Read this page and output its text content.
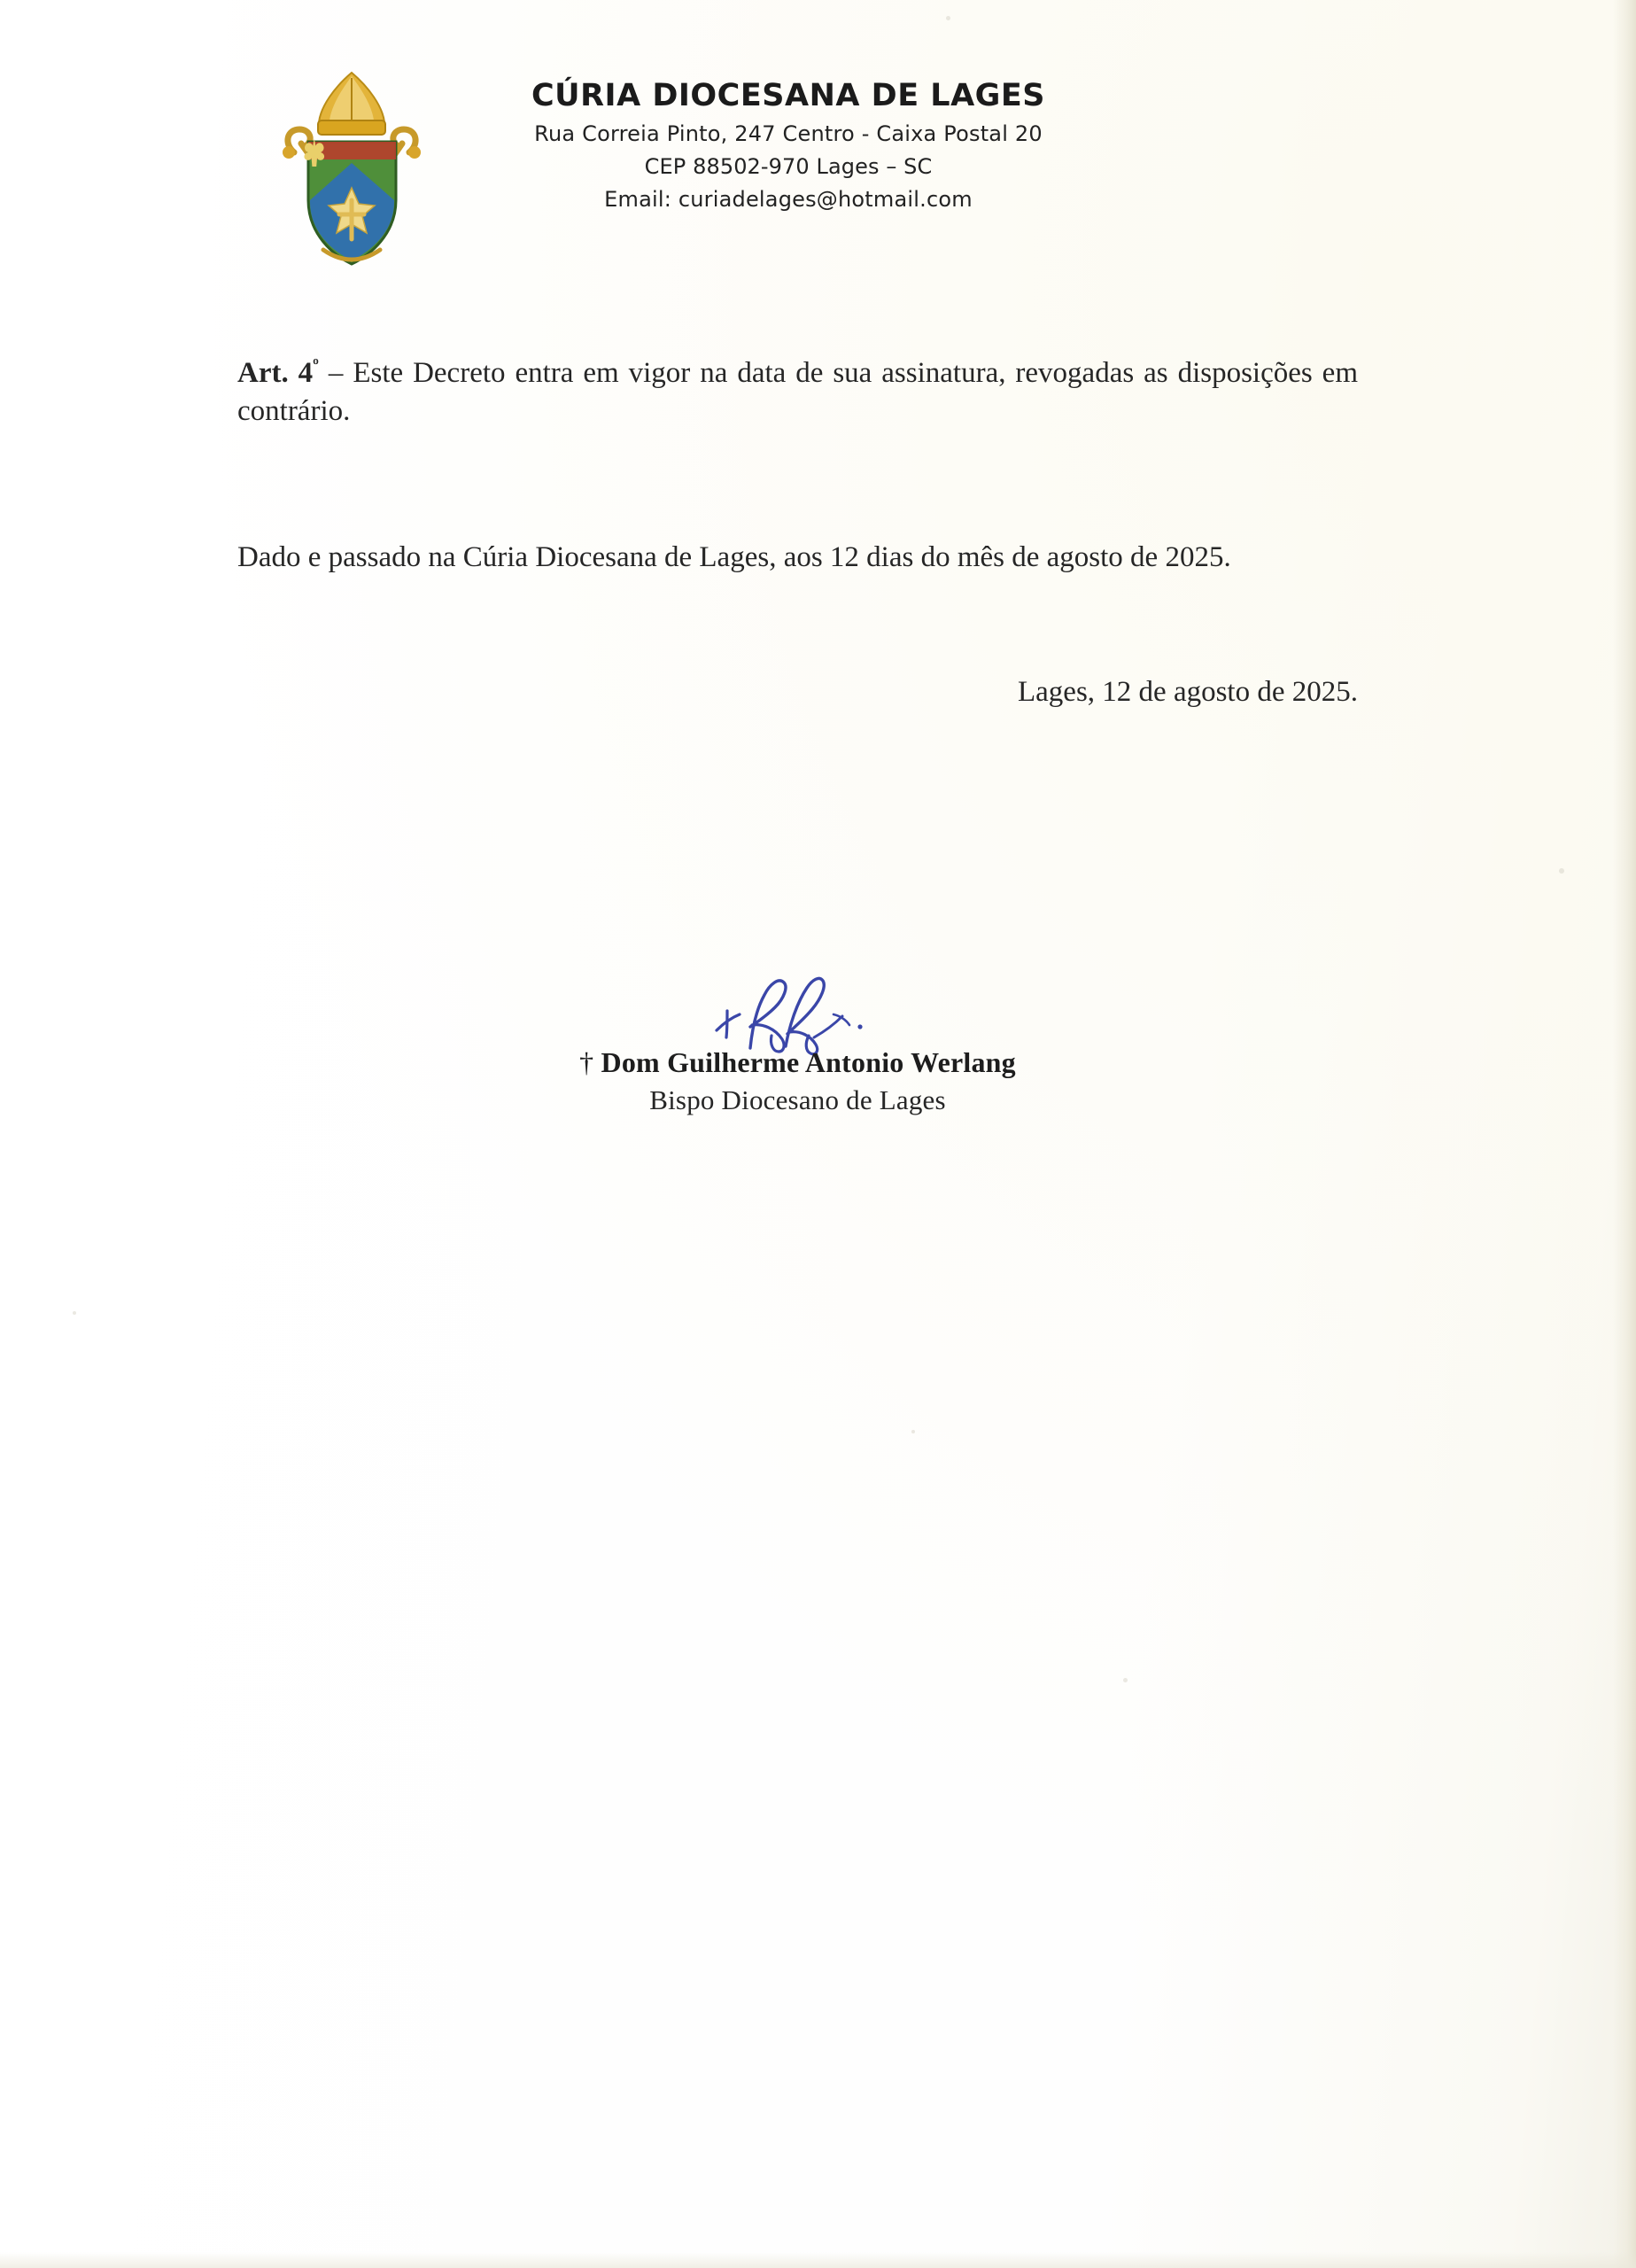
CÚRIA DIOCESANA DE LAGES
Rua Correia Pinto, 247 Centro - Caixa Postal 20
CEP 88502-970 Lages – SC
Email: curiadelages@hotmail.com

Art. $4^º$ – Este Decreto entra em vigor na data de sua assinatura, revogadas as disposições em contrário.

Dado e passado na Cúria Diocesana de Lages, aos 12 dias do mês de agosto de 2025.

Lages, 12 de agosto de 2025.

† Dom Guilherme Antonio Werlang
Bispo Diocesano de Lages
